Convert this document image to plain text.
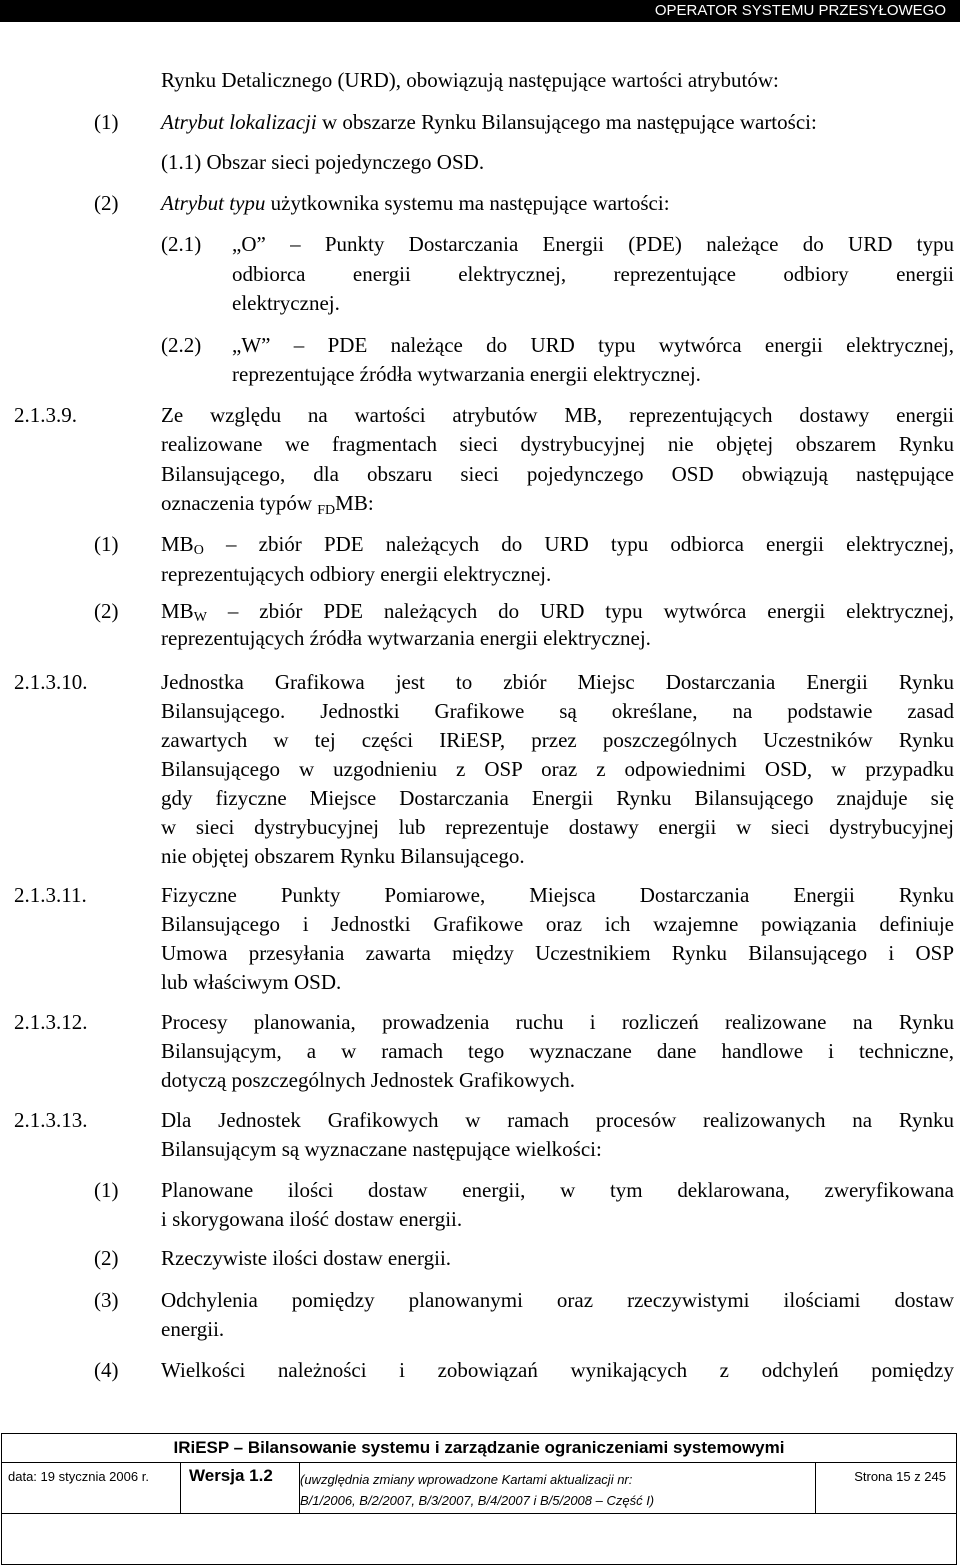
OPERATOR SYSTEMU PRZESYŁOWEGO
Rynku Detalicznego (URD), obowiązują następujące wartości atrybutów:
(1) Atrybut lokalizacji w obszarze Rynku Bilansującego ma następujące wartości:
(1.1) Obszar sieci pojedynczego OSD.
(2) Atrybut typu użytkownika systemu ma następujące wartości:
(2.1) „O” – Punkty Dostarczania Energii (PDE) należące do URD typu
odbiorca energii elektrycznej, reprezentujące odbiory energii
elektrycznej.
(2.2) „W” – PDE należące do URD typu wytwórca energii elektrycznej,
reprezentujące źródła wytwarzania energii elektrycznej.
2.1.3.9.	Ze względu na wartości atrybutów MB, reprezentujących dostawy energii
realizowane we fragmentach sieci dystrybucyjnej nie objętej obszarem Rynku
Bilansującego, dla obszaru sieci pojedynczego OSD obwiązują następujące
oznaczenia typów $_{FD}$MB:
(1) $MB_O$ – zbiór PDE należących do URD typu odbiorca energii elektrycznej,
reprezentujących odbiory energii elektrycznej.
(2) $MB_W$ – zbiór PDE należących do URD typu wytwórca energii elektrycznej,
reprezentujących źródła wytwarzania energii elektrycznej.
2.1.3.10.	Jednostka Grafikowa jest to zbiór Miejsc Dostarczania Energii Rynku
Bilansującego. Jednostki Grafikowe są określane, na podstawie zasad
zawartych w tej części IRiESP, przez poszczególnych Uczestników Rynku
Bilansującego w uzgodnieniu z OSP oraz z odpowiednimi OSD, w przypadku
gdy fizyczne Miejsce Dostarczania Energii Rynku Bilansującego znajduje się
w sieci dystrybucyjnej lub reprezentuje dostawy energii w sieci dystrybucyjnej
nie objętej obszarem Rynku Bilansującego.
2.1.3.11.	Fizyczne Punkty Pomiarowe, Miejsca Dostarczania Energii Rynku
Bilansującego i Jednostki Grafikowe oraz ich wzajemne powiązania definiuje
Umowa przesyłania zawarta między Uczestnikiem Rynku Bilansującego i OSP
lub właściwym OSD.
2.1.3.12.	Procesy planowania, prowadzenia ruchu i rozliczeń realizowane na Rynku
Bilansującym, a w ramach tego wyznaczane dane handlowe i techniczne,
dotyczą poszczególnych Jednostek Grafikowych.
2.1.3.13.	Dla Jednostek Grafikowych w ramach procesów realizowanych na Rynku
Bilansującym są wyznaczane następujące wielkości:
(1) Planowane ilości dostaw energii, w tym deklarowana, zweryfikowana
i skorygowana ilość dostaw energii.
(2) Rzeczywiste ilości dostaw energii.
(3) Odchylenia pomiędzy planowanymi oraz rzeczywistymi ilościami dostaw
energii.
(4) Wielkości należności i zobowiązań wynikających z odchyleń pomiędzy
IRiESP – Bilansowanie systemu i zarządzanie ograniczeniami systemowymi
data: 19 stycznia 2006 r.	Wersja 1.2	(uwzględnia zmiany wprowadzone Kartami aktualizacji nr:
B/1/2006, B/2/2007, B/3/2007, B/4/2007 i B/5/2008 – Część I)
	Strona 15 z 245
